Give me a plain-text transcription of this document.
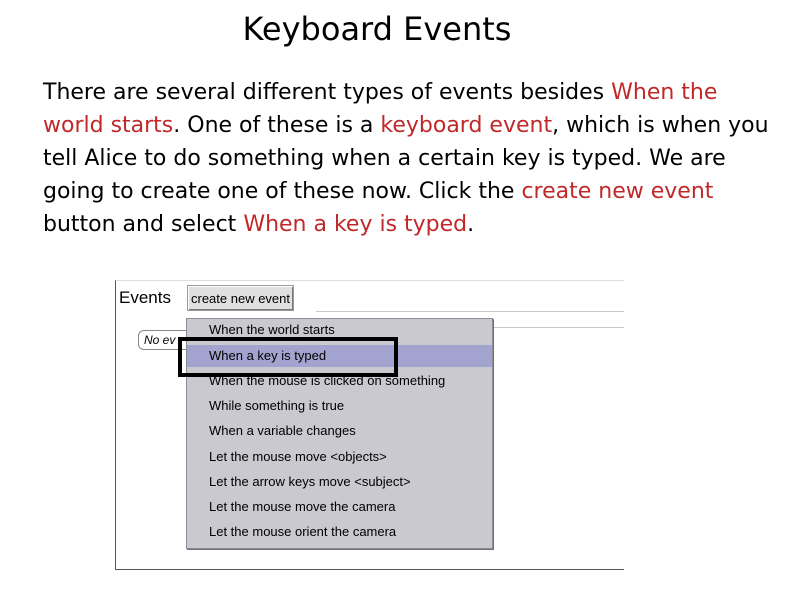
Keyboard Events
There are several different types of events besides When the world starts. One of these is a keyboard event, which is when you tell Alice to do something when a certain key is typed. We are going to create one of these now. Click the create new event button and select When a key is typed.
Events	create new event
No ev
When the world starts
When a key is typed
When the mouse is clicked on something
While something is true
When a variable changes
Let the mouse move <objects>
Let the arrow keys move <subject>
Let the mouse move the camera
Let the mouse orient the camera
